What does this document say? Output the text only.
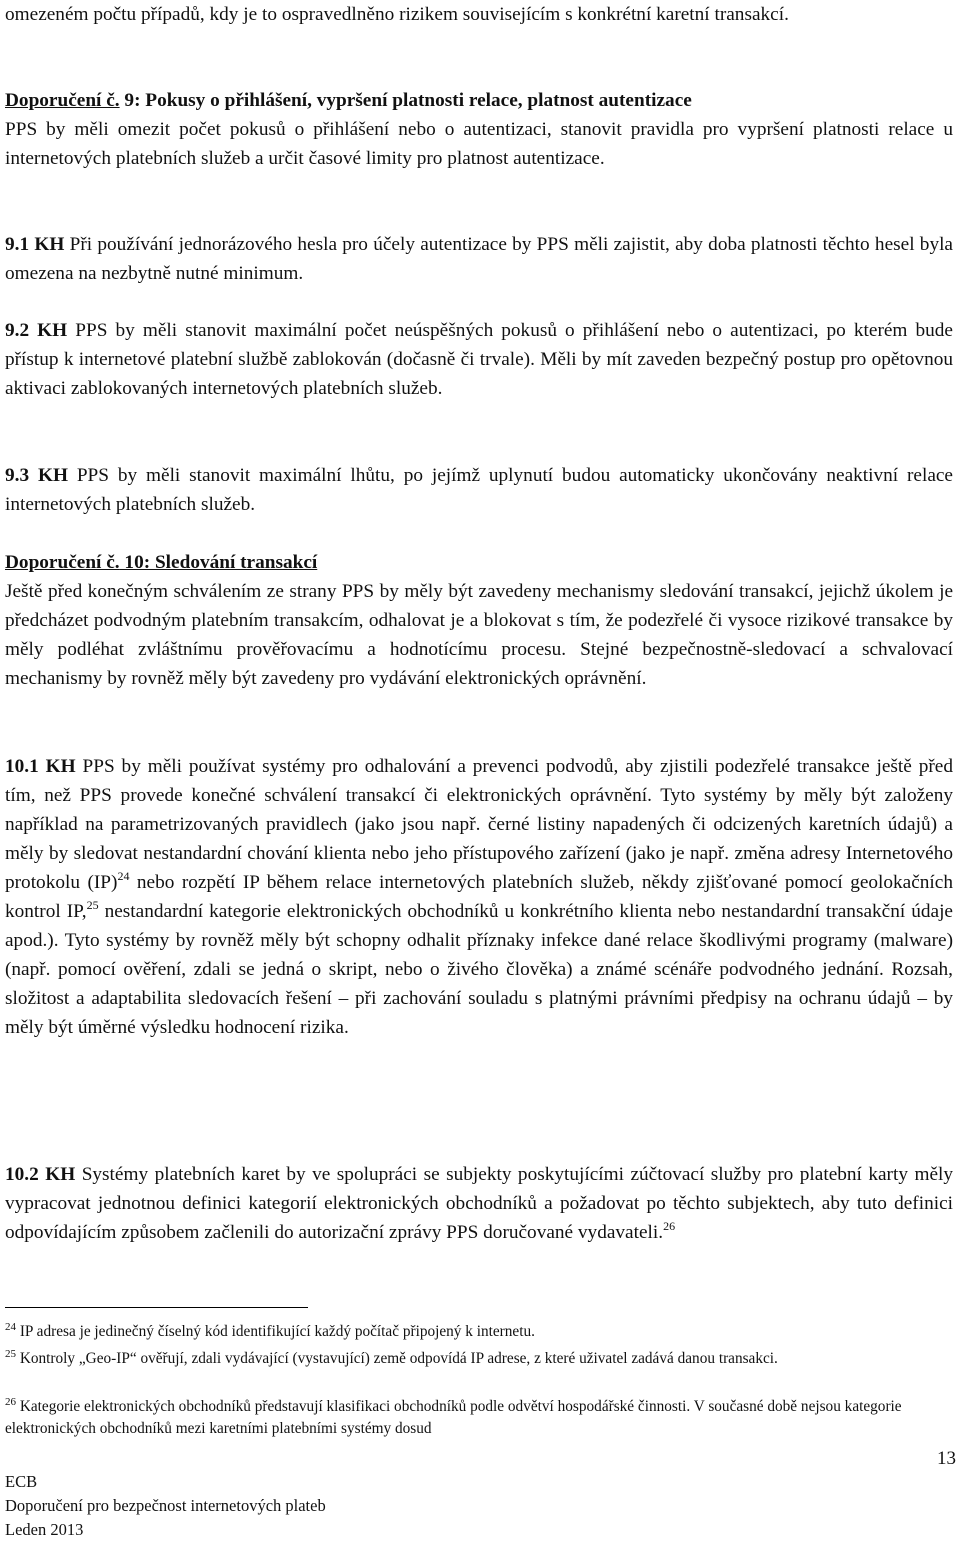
omezeném počtu případů, kdy je to ospravedlněno rizikem souvisejícím s konkrétní karetní transakcí.

Doporučení č. 9: Pokusy o přihlášení, vypršení platnosti relace, platnost autentizace
PPS by měli omezit počet pokusů o přihlášení nebo o autentizaci, stanovit pravidla pro vypršení platnosti relace u internetových platebních služeb a určit časové limity pro platnost autentizace.

9.1 KH Při používání jednorázového hesla pro účely autentizace by PPS měli zajistit, aby doba platnosti těchto hesel byla omezena na nezbytně nutné minimum.

9.2 KH PPS by měli stanovit maximální počet neúspěšných pokusů o přihlášení nebo o autentizaci, po kterém bude přístup k internetové platební službě zablokován (dočasně či trvale). Měli by mít zaveden bezpečný postup pro opětovnou aktivaci zablokovaných internetových platebních služeb.

9.3 KH PPS by měli stanovit maximální lhůtu, po jejímž uplynutí budou automaticky ukončovány neaktivní relace internetových platebních služeb.

Doporučení č. 10: Sledování transakcí
Ještě před konečným schválením ze strany PPS by měly být zavedeny mechanismy sledování transakcí, jejichž úkolem je předcházet podvodným platebním transakcím, odhalovat je a blokovat s tím, že podezřelé či vysoce rizikové transakce by měly podléhat zvláštnímu prověřovacímu a hodnotícímu procesu. Stejné bezpečnostně-sledovací a schvalovací mechanismy by rovněž měly být zavedeny pro vydávání elektronických oprávnění.

10.1 KH PPS by měli používat systémy pro odhalování a prevenci podvodů, aby zjistili podezřelé transakce ještě před tím, než PPS provede konečné schválení transakcí či elektronických oprávnění. Tyto systémy by měly být založeny například na parametrizovaných pravidlech (jako jsou např. černé listiny napadených či odcizených karetních údajů) a měly by sledovat nestandardní chování klienta nebo jeho přístupového zařízení (jako je např. změna adresy Internetového protokolu (IP)$^{24}$ nebo rozpětí IP během relace internetových platebních služeb, někdy zjišťované pomocí geolokačních kontrol IP,$^{25}$ nestandardní kategorie elektronických obchodníků u konkrétního klienta nebo nestandardní transakční údaje apod.). Tyto systémy by rovněž měly být schopny odhalit příznaky infekce dané relace škodlivými programy (malware) (např. pomocí ověření, zdali se jedná o skript, nebo o živého člověka) a známé scénáře podvodného jednání. Rozsah, složitost a adaptabilita sledovacích řešení – při zachování souladu s platnými právními předpisy na ochranu údajů – by měly být úměrné výsledku hodnocení rizika.

10.2 KH Systémy platebních karet by ve spolupráci se subjekty poskytujícími zúčtovací služby pro platební karty měly vypracovat jednotnou definici kategorií elektronických obchodníků a požadovat po těchto subjektech, aby tuto definici odpovídajícím způsobem začlenili do autorizační zprávy PPS doručované vydavateli.$^{26}$

$^{24}$ IP adresa je jedinečný číselný kód identifikující každý počítač připojený k internetu.

$^{25}$ Kontroly „Geo-IP“ ověřují, zdali vydávající (vystavující) země odpovídá IP adrese, z které uživatel zadává danou transakci.

$^{26}$ Kategorie elektronických obchodníků představují klasifikaci obchodníků podle odvětví hospodářské činnosti. V současné době nejsou kategorie elektronických obchodníků mezi karetními platebními systémy dosud

13
ECB
Doporučení pro bezpečnost internetových plateb
Leden 2013
